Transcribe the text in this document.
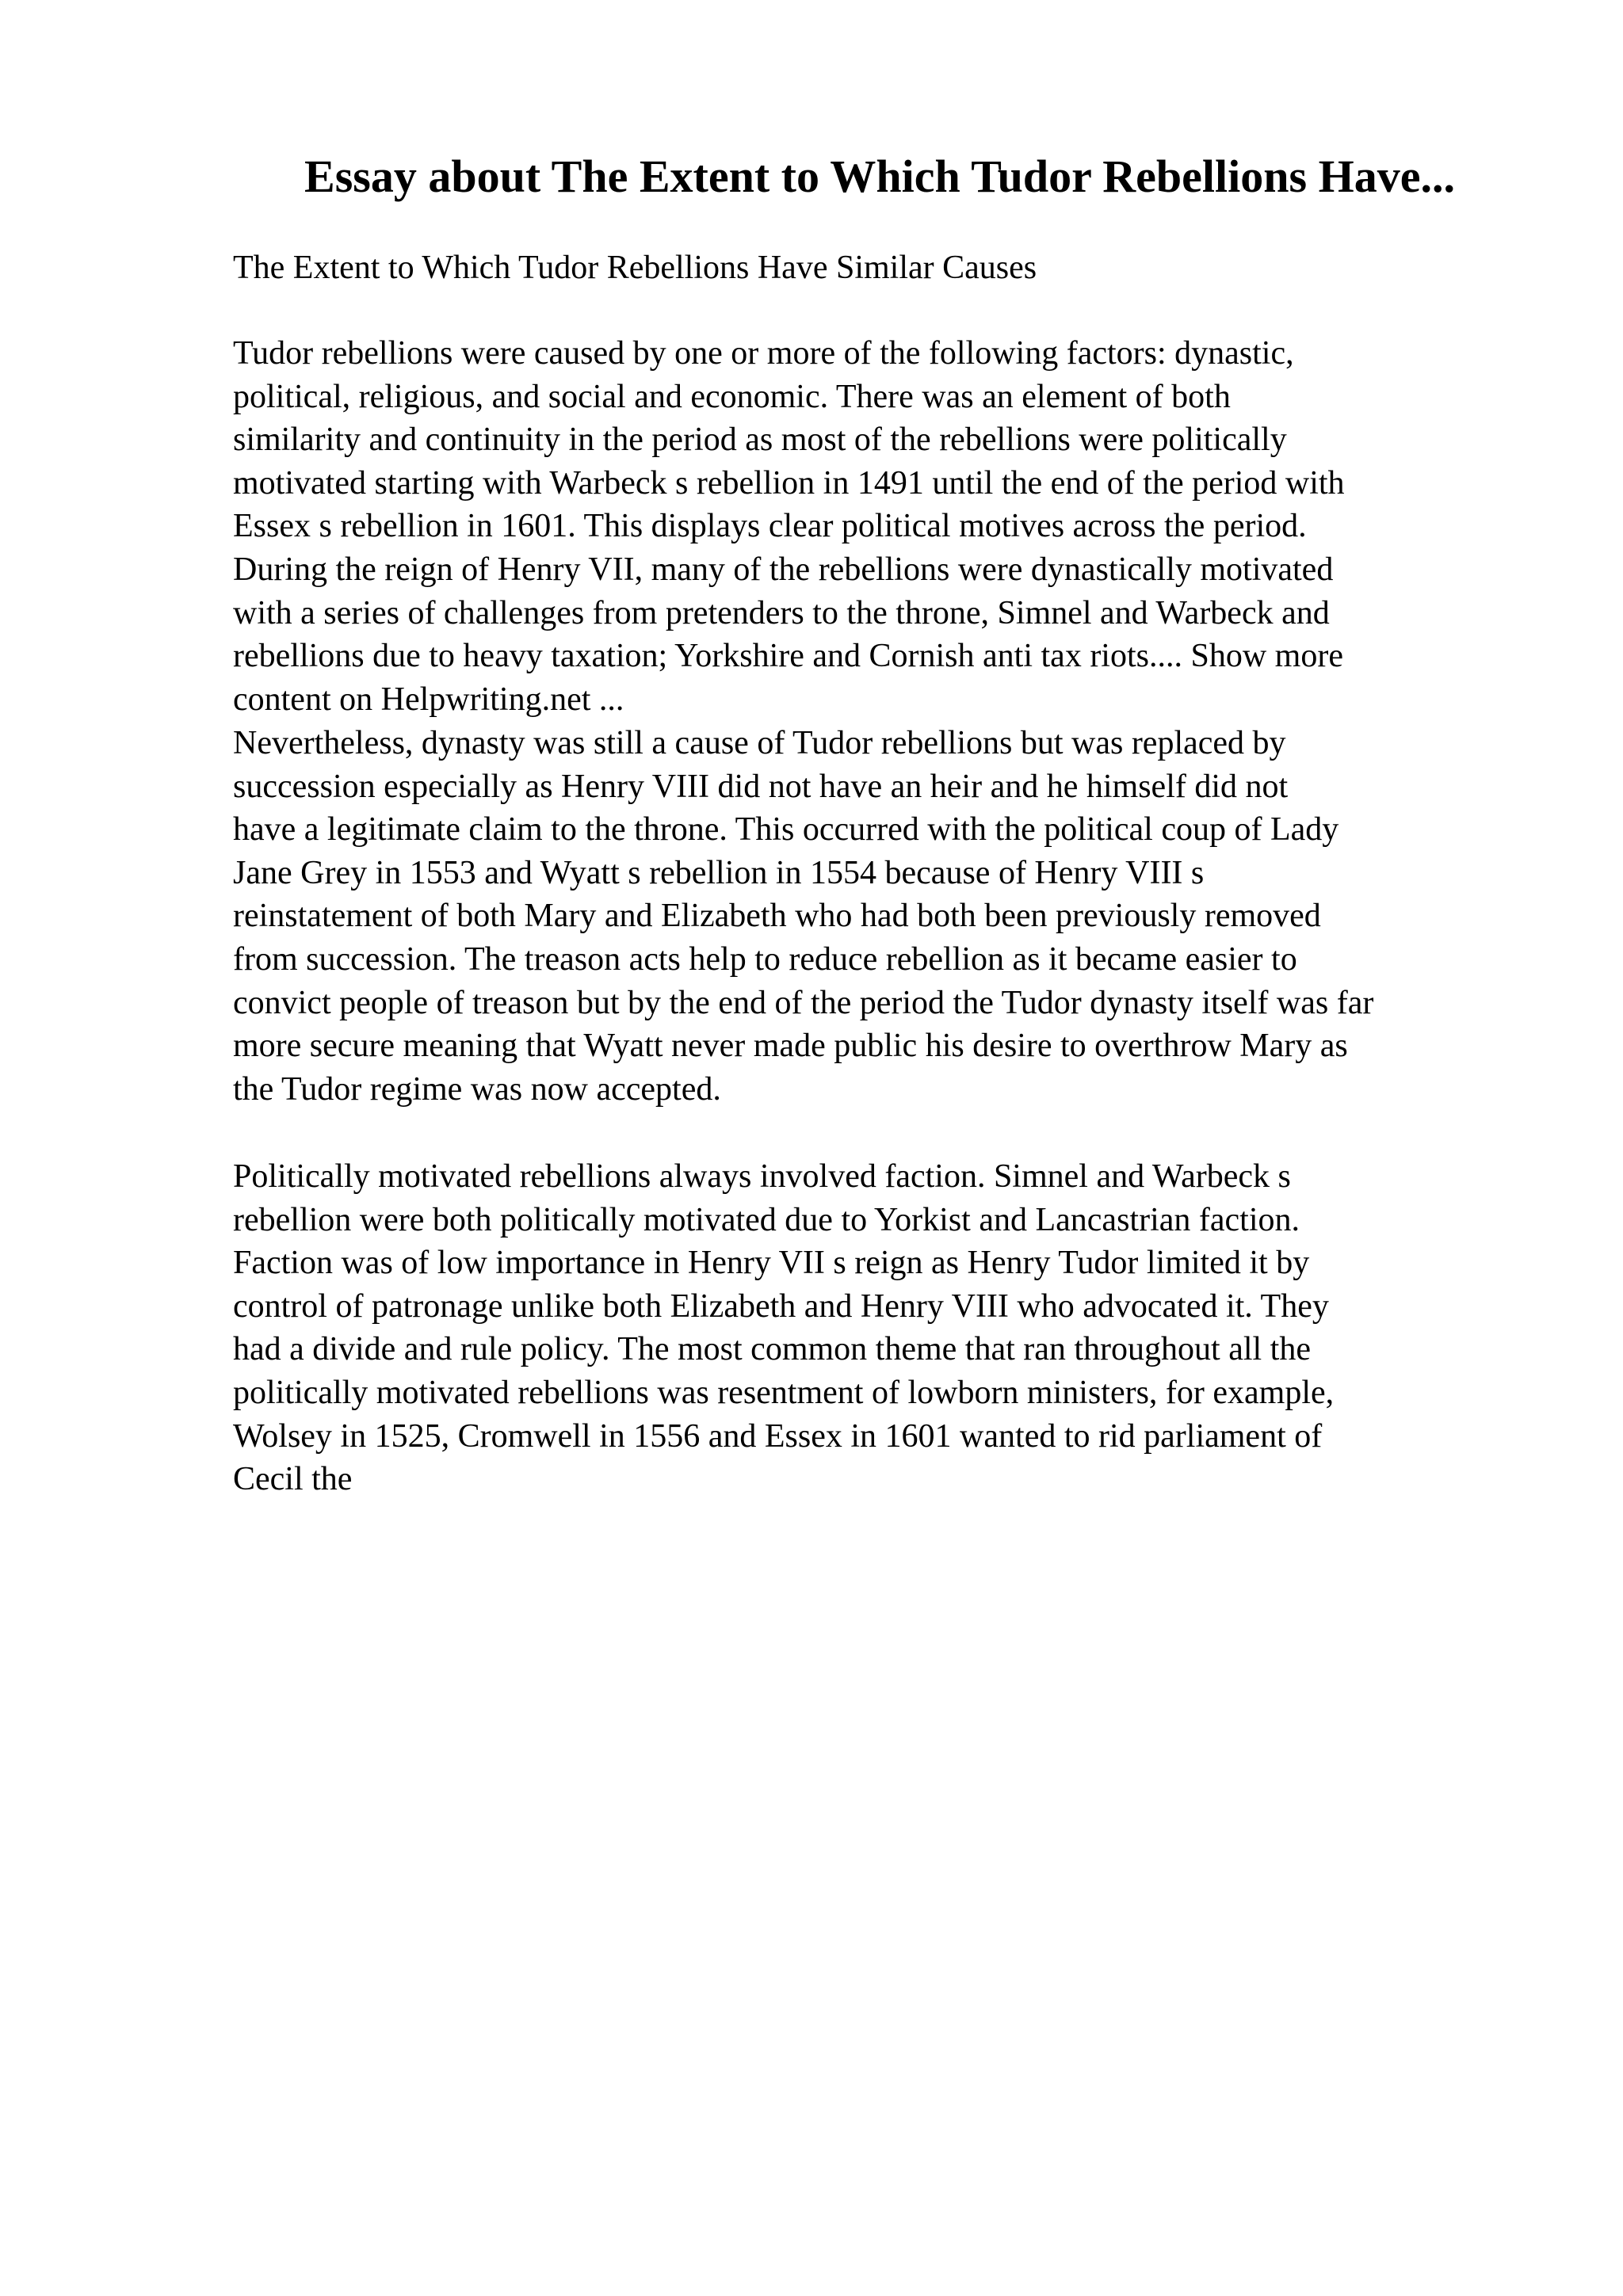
Essay about The Extent to Which Tudor Rebellions Have...
The Extent to Which Tudor Rebellions Have Similar Causes
Tudor rebellions were caused by one or more of the following factors: dynastic,
political, religious, and social and economic. There was an element of both
similarity and continuity in the period as most of the rebellions were politically
motivated starting with Warbeck s rebellion in 1491 until the end of the period with
Essex s rebellion in 1601. This displays clear political motives across the period.
During the reign of Henry VII, many of the rebellions were dynastically motivated
with a series of challenges from pretenders to the throne, Simnel and Warbeck and
rebellions due to heavy taxation; Yorkshire and Cornish anti tax riots.... Show more
content on Helpwriting.net ...
Nevertheless, dynasty was still a cause of Tudor rebellions but was replaced by
succession especially as Henry VIII did not have an heir and he himself did not
have a legitimate claim to the throne. This occurred with the political coup of Lady
Jane Grey in 1553 and Wyatt s rebellion in 1554 because of Henry VIII s
reinstatement of both Mary and Elizabeth who had both been previously removed
from succession. The treason acts help to reduce rebellion as it became easier to
convict people of treason but by the end of the period the Tudor dynasty itself was far
more secure meaning that Wyatt never made public his desire to overthrow Mary as
the Tudor regime was now accepted.
Politically motivated rebellions always involved faction. Simnel and Warbeck s
rebellion were both politically motivated due to Yorkist and Lancastrian faction.
Faction was of low importance in Henry VII s reign as Henry Tudor limited it by
control of patronage unlike both Elizabeth and Henry VIII who advocated it. They
had a divide and rule policy. The most common theme that ran throughout all the
politically motivated rebellions was resentment of lowborn ministers, for example,
Wolsey in 1525, Cromwell in 1556 and Essex in 1601 wanted to rid parliament of
Cecil the
